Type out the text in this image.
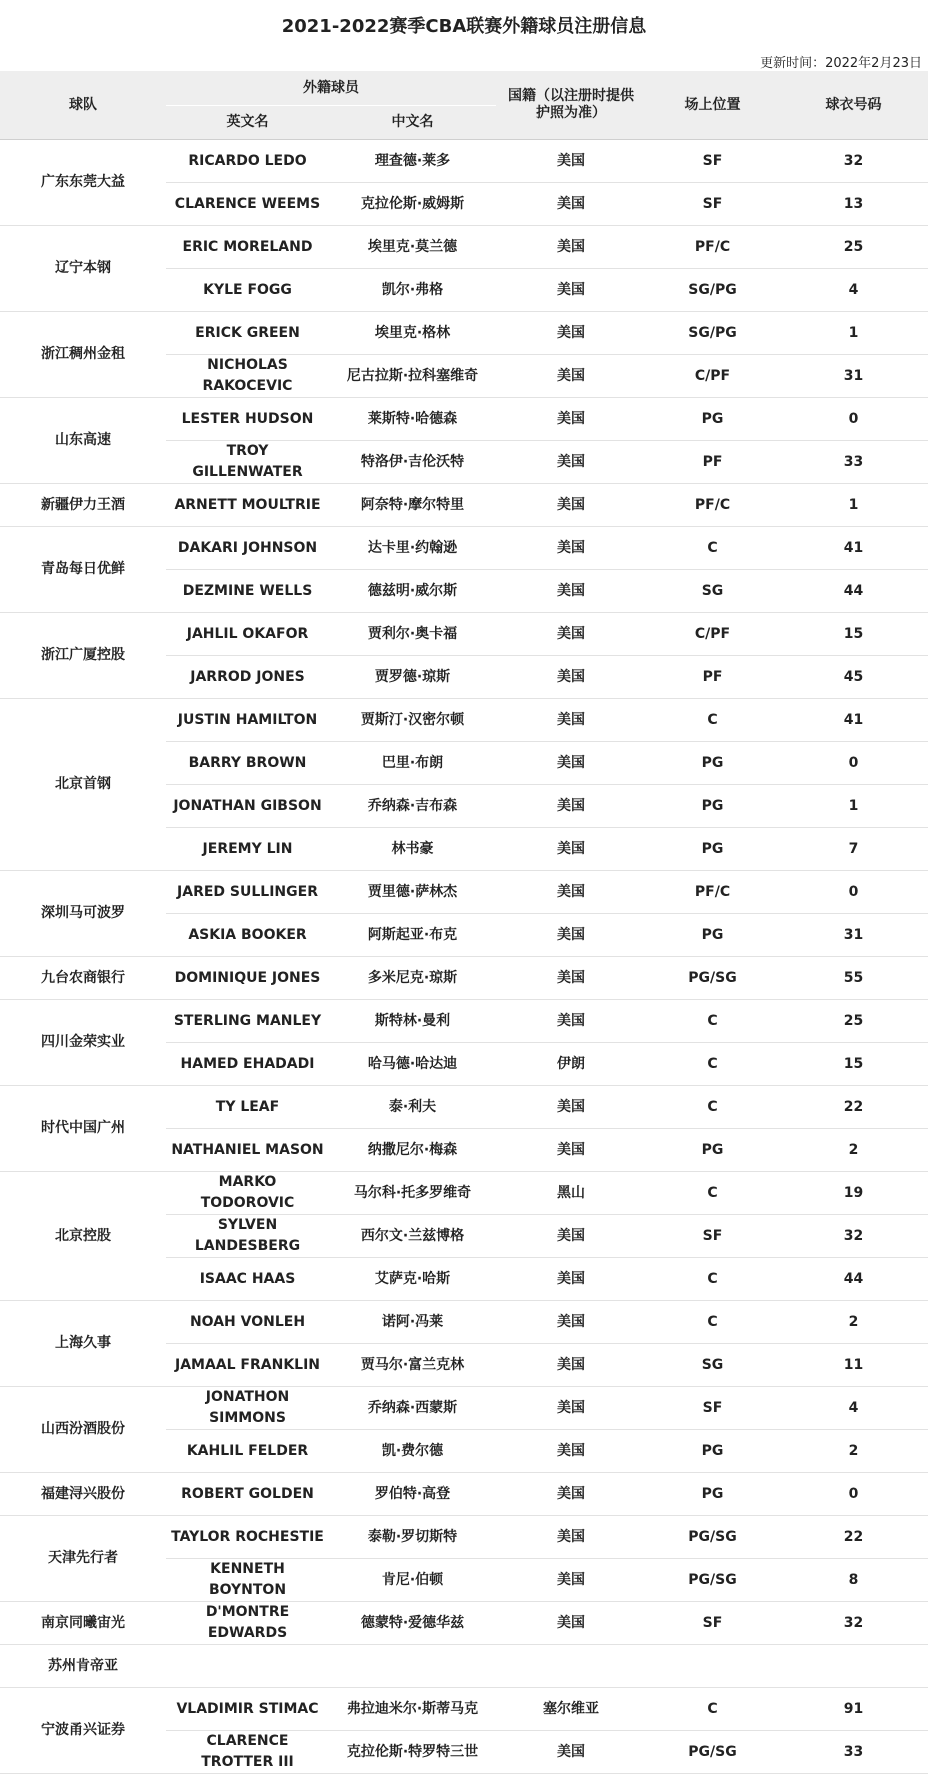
2021-2022赛季CBA联赛外籍球员注册信息
更新时间：2022年2月23日
球队	外籍球员		国籍（以注册时提供
护照为准）	场上位置	球衣号码
	英文名	中文名			
广东东莞大益	RICARDO LEDO	理查德·莱多	美国	SF	32
	CLARENCE WEEMS	克拉伦斯·威姆斯	美国	SF	13
辽宁本钢	ERIC MORELAND	埃里克·莫兰德	美国	PF/C	25
	KYLE FOGG	凯尔·弗格	美国	SG/PG	4
浙江稠州金租	ERICK GREEN	埃里克·格林	美国	SG/PG	1
	NICHOLAS RAKOCEVIC	尼古拉斯·拉科塞维奇	美国	C/PF	31
山东高速	LESTER HUDSON	莱斯特·哈德森	美国	PG	0
	TROY GILLENWATER	特洛伊·吉伦沃特	美国	PF	33
新疆伊力王酒	ARNETT MOULTRIE	阿奈特·摩尔特里	美国	PF/C	1
青岛每日优鲜	DAKARI JOHNSON	达卡里·约翰逊	美国	C	41
	DEZMINE WELLS	德兹明·威尔斯	美国	SG	44
浙江广厦控股	JAHLIL OKAFOR	贾利尔·奥卡福	美国	C/PF	15
	JARROD JONES	贾罗德·琼斯	美国	PF	45
北京首钢	JUSTIN HAMILTON	贾斯汀·汉密尔顿	美国	C	41
	BARRY BROWN	巴里·布朗	美国	PG	0
	JONATHAN GIBSON	乔纳森·吉布森	美国	PG	1
	JEREMY LIN	林书豪	美国	PG	7
深圳马可波罗	JARED SULLINGER	贾里德·萨林杰	美国	PF/C	0
	ASKIA BOOKER	阿斯起亚·布克	美国	PG	31
九台农商银行	DOMINIQUE JONES	多米尼克·琼斯	美国	PG/SG	55
四川金荣实业	STERLING MANLEY	斯特林·曼利	美国	C	25
	HAMED EHADADI	哈马德·哈达迪	伊朗	C	15
时代中国广州	TY LEAF	泰·利夫	美国	C	22
	NATHANIEL MASON	纳撒尼尔·梅森	美国	PG	2
北京控股	MARKO TODOROVIC	马尔科·托多罗维奇	黑山	C	19
	SYLVEN LANDESBERG	西尔文·兰兹博格	美国	SF	32
	ISAAC HAAS	艾萨克·哈斯	美国	C	44
上海久事	NOAH VONLEH	诺阿·冯莱	美国	C	2
	JAMAAL FRANKLIN	贾马尔·富兰克林	美国	SG	11
山西汾酒股份	JONATHON SIMMONS	乔纳森·西蒙斯	美国	SF	4
	KAHLIL FELDER	凯·费尔德	美国	PG	2
福建浔兴股份	ROBERT GOLDEN	罗伯特·高登	美国	PG	0
天津先行者	TAYLOR ROCHESTIE	泰勒·罗切斯特	美国	PG/SG	22
	KENNETH BOYNTON	肯尼·伯顿	美国	PG/SG	8
南京同曦宙光	D'MONTRE EDWARDS	德蒙特·爱德华兹	美国	SF	32
苏州肯帝亚					
宁波甬兴证券	VLADIMIR STIMAC	弗拉迪米尔·斯蒂马克	塞尔维亚	C	91
	CLARENCE TROTTER III	克拉伦斯·特罗特三世	美国	PG/SG	33
